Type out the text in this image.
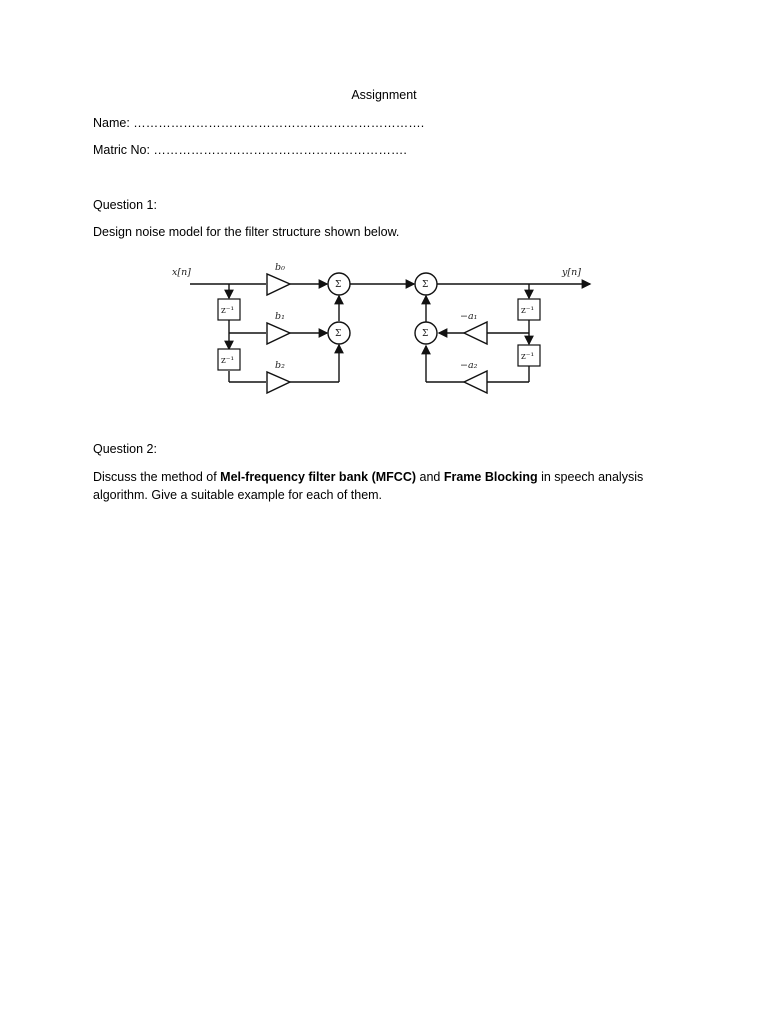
Assignment
Name: …………………………………………………………….
Matric No: …………………………………………………….
Question 1:
Design noise model for the filter structure shown below.
x[n]	y[n]
b₀
b₁
b₂
−a₁
−a₂
z⁻¹
z⁻¹
z⁻¹
z⁻¹
Σ
Σ
Σ
Σ
Question 2:
Discuss the method of Mel-frequency filter bank (MFCC) and Frame Blocking in speech analysis algorithm. Give a suitable example for each of them.
